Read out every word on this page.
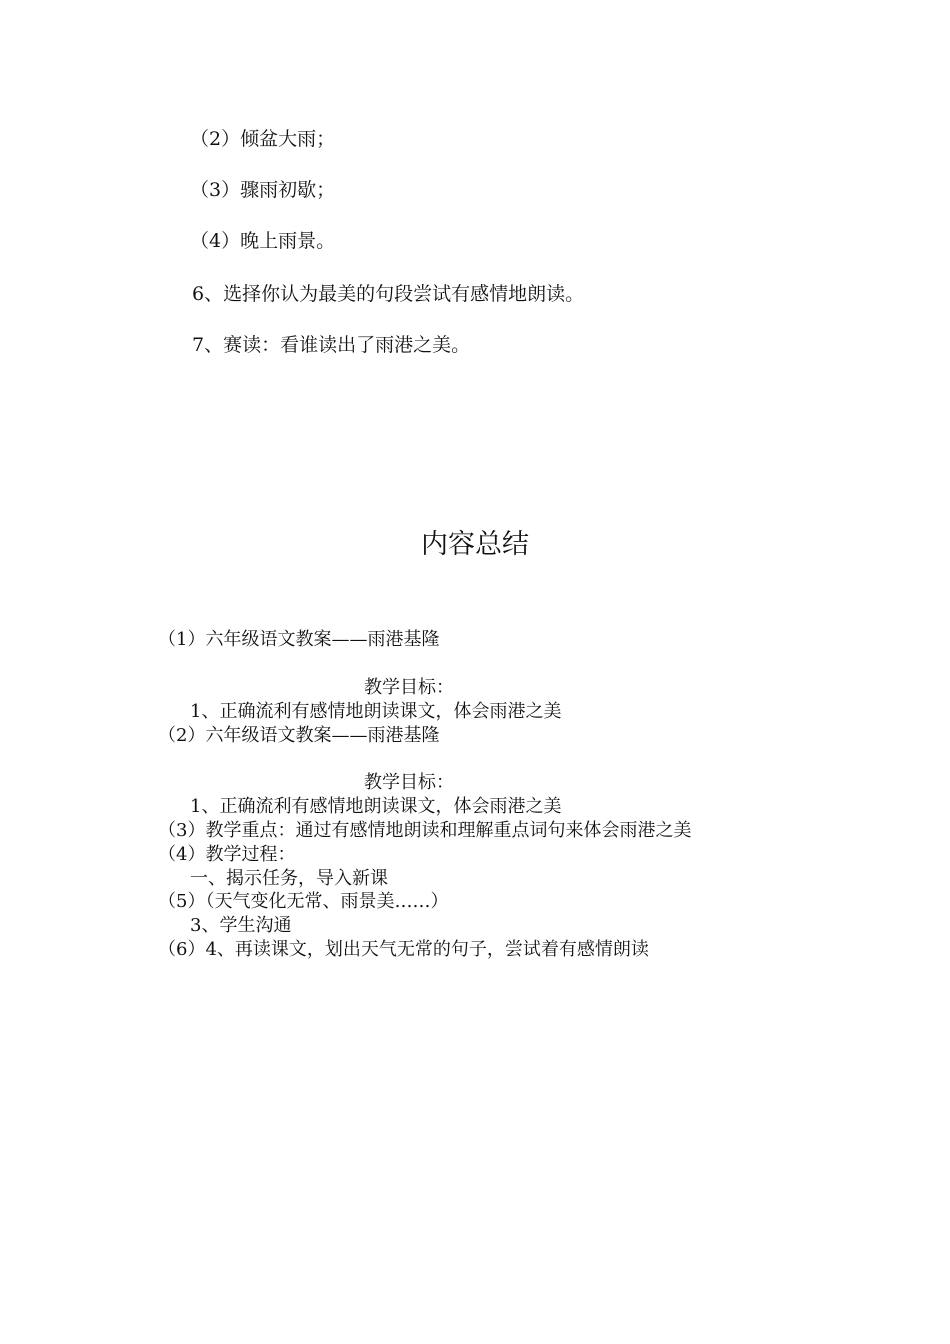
（2）倾盆大雨；
（3）骤雨初歇；
（4）晚上雨景。
6、选择你认为最美的句段尝试有感情地朗读。
7、赛读：看谁读出了雨港之美。
内容总结
（1）六年级语文教案——雨港基隆
教学目标：
1、正确流利有感情地朗读课文，体会雨港之美
（2）六年级语文教案——雨港基隆
教学目标：
1、正确流利有感情地朗读课文，体会雨港之美
（3）教学重点：通过有感情地朗读和理解重点词句来体会雨港之美
（4）教学过程：
一、揭示任务，导入新课
（5）（天气变化无常、雨景美……）
3、学生沟通
（6）4、再读课文，划出天气无常的句子，尝试着有感情朗读
